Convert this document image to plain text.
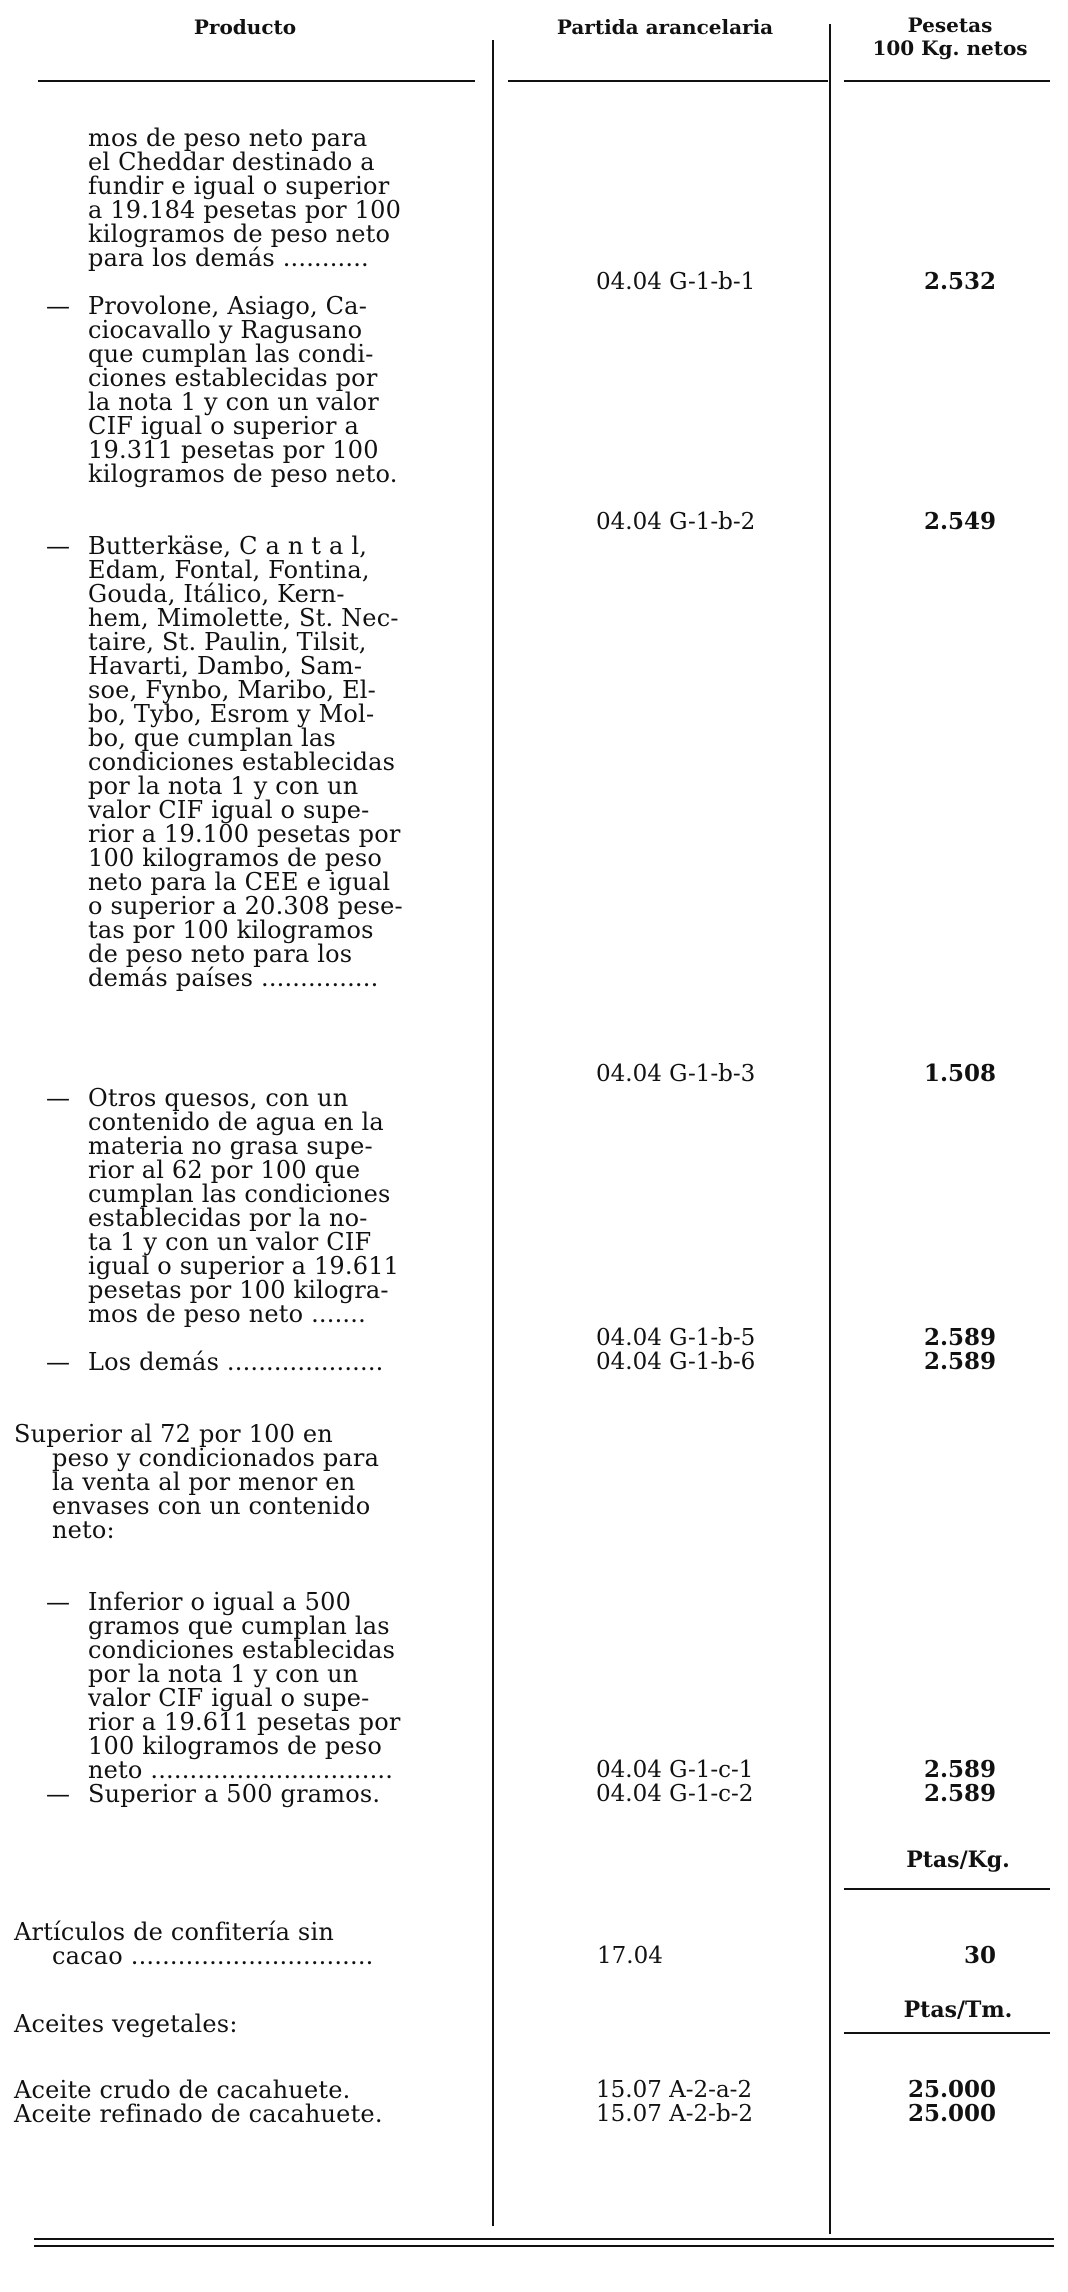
Producto	Partida arancelaria	Pesetas
100 Kg. netos
mos de peso neto para
el Cheddar destinado a
fundir e igual o superior
a 19.184 pesetas por 100
kilogramos de peso neto
para los demás ...........
04.04 G-1-b-1	2.532
— Provolone, Asiago, Ca-
ciocavallo y Ragusano
que cumplan las condi-
ciones establecidas por
la nota 1 y con un valor
CIF igual o superior a
19.311 pesetas por 100
kilogramos de peso neto.
04.04 G-1-b-2	2.549
— Butterkäse, C a n t a l,
Edam, Fontal, Fontina,
Gouda, Itálico, Kern-
hem, Mimolette, St. Nec-
taire, St. Paulin, Tilsit,
Havarti, Dambo, Sam-
soe, Fynbo, Maribo, El-
bo, Tybo, Esrom y Mol-
bo, que cumplan las
condiciones establecidas
por la nota 1 y con un
valor CIF igual o supe-
rior a 19.100 pesetas por
100 kilogramos de peso
neto para la CEE e igual
o superior a 20.308 pese-
tas por 100 kilogramos
de peso neto para los
demás países ...............
04.04 G-1-b-3	1.508
— Otros quesos, con un
contenido de agua en la
materia no grasa supe-
rior al 62 por 100 que
cumplan las condiciones
establecidas por la no-
ta 1 y con un valor CIF
igual o superior a 19.611
pesetas por 100 kilogra-
mos de peso neto .......
04.04 G-1-b-5	2.589
— Los demás ....................	04.04 G-1-b-6	2.589
Superior al 72 por 100 en
peso y condicionados para
la venta al por menor en
envases con un contenido
neto:
— Inferior o igual a 500
gramos que cumplan las
condiciones establecidas
por la nota 1 y con un
valor CIF igual o supe-
rior a 19.611 pesetas por
100 kilogramos de peso
neto ...............................	04.04 G-1-c-1	2.589
— Superior a 500 gramos.	04.04 G-1-c-2	2.589
Ptas/Kg.
Artículos de confitería sin
cacao ...............................	17.04	30
Ptas/Tm.
Aceites vegetales:
Aceite crudo de cacahuete.	15.07 A-2-a-2	25.000
Aceite refinado de cacahuete.	15.07 A-2-b-2	25.000
